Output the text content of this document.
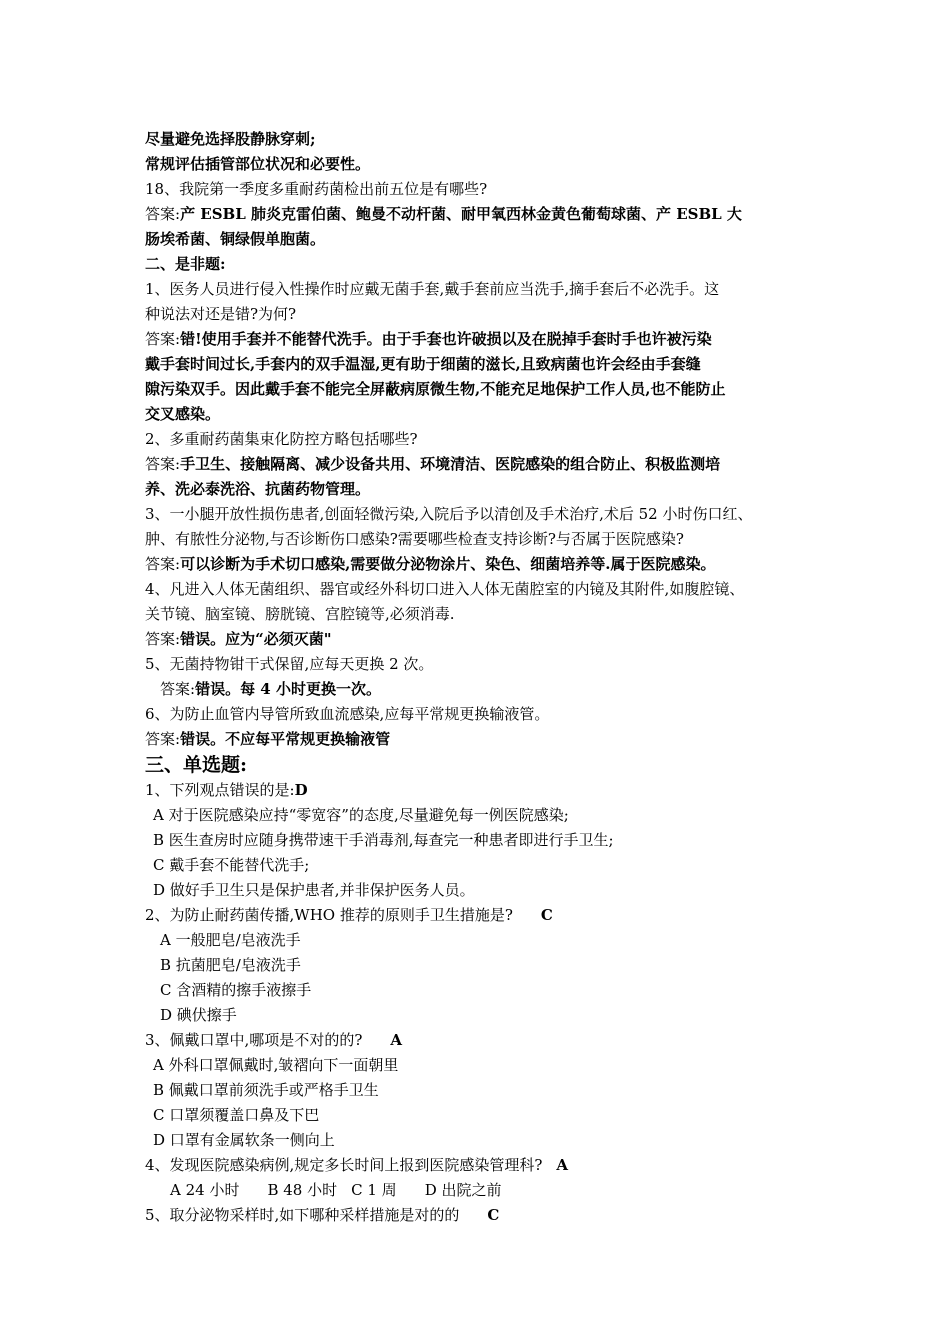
尽量避免选择股静脉穿刺;
常规评估插管部位状况和必要性。
18、我院第一季度多重耐药菌检出前五位是有哪些?
答案:产 ESBL 肺炎克雷伯菌、鲍曼不动杆菌、耐甲氧西林金黄色葡萄球菌、产 ESBL 大
肠埃希菌、铜绿假单胞菌。
二、是非题:
1、医务人员进行侵入性操作时应戴无菌手套,戴手套前应当洗手,摘手套后不必洗手。这
种说法对还是错?为何?
答案:错!使用手套并不能替代洗手。由于手套也许破损以及在脱掉手套时手也许被污染
戴手套时间过长,手套内的双手温湿,更有助于细菌的滋长,且致病菌也许会经由手套缝
隙污染双手。因此戴手套不能完全屏蔽病原微生物,不能充足地保护工作人员,也不能防止
交叉感染。
2、多重耐药菌集束化防控方略包括哪些?
答案:手卫生、接触隔离、减少设备共用、环境清洁、医院感染的组合防止、积极监测培
养、洗必泰洗浴、抗菌药物管理。
3、一小腿开放性损伤患者,创面轻微污染,入院后予以清创及手术治疗,术后 52 小时伤口红、
肿、有脓性分泌物,与否诊断伤口感染?需要哪些检查支持诊断?与否属于医院感染?
答案:可以诊断为手术切口感染,需要做分泌物涂片、染色、细菌培养等.属于医院感染。
4、凡进入人体无菌组织、器官或经外科切口进入人体无菌腔室的内镜及其附件,如腹腔镜、
关节镜、脑室镜、膀胱镜、宫腔镜等,必须消毒.
答案:错误。应为“必须灭菌"
5、无菌持物钳干式保留,应每天更换 2 次。
答案:错误。每 4 小时更换一次。
6、为防止血管内导管所致血流感染,应每平常规更换输液管。
答案:错误。不应每平常规更换输液管
三、单选题:
1、下列观点错误的是:D
A 对于医院感染应持“零宽容”的态度,尽量避免每一例医院感染;
B 医生查房时应随身携带速干手消毒剂,每查完一种患者即进行手卫生;
C 戴手套不能替代洗手;
D 做好手卫生只是保护患者,并非保护医务人员。
2、为防止耐药菌传播,WHO 推荐的原则手卫生措施是? C
A 一般肥皂/皂液洗手
B 抗菌肥皂/皂液洗手
C 含酒精的擦手液擦手
D 碘伏擦手
3、佩戴口罩中,哪项是不对的的? A
A 外科口罩佩戴时,皱褶向下一面朝里
B 佩戴口罩前须洗手或严格手卫生
C 口罩须覆盖口鼻及下巴
D 口罩有金属软条一侧向上
4、发现医院感染病例,规定多长时间上报到医院感染管理科? A
A 24 小时 B 48 小时 C 1 周 D 出院之前
5、取分泌物采样时,如下哪种采样措施是对的的 C
